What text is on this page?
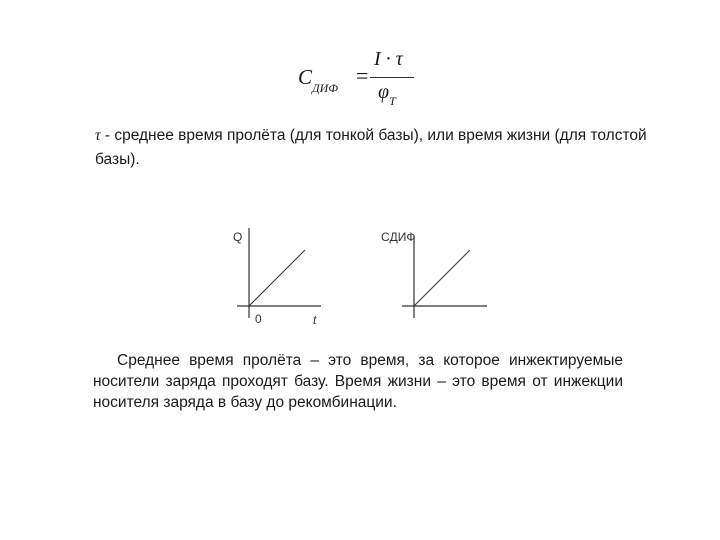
$C_{ДИФ}$
=
I · τ
$\varphi_T$
τ - среднее время пролёта (для тонкой базы), или время жизни (для толстой базы).
Q
0	t
CДИФ
Среднее время пролёта – это время, за которое инжектируемые носители заряда проходят базу. Время жизни – это время от инжекции носителя заряда в базу до рекомбинации.
